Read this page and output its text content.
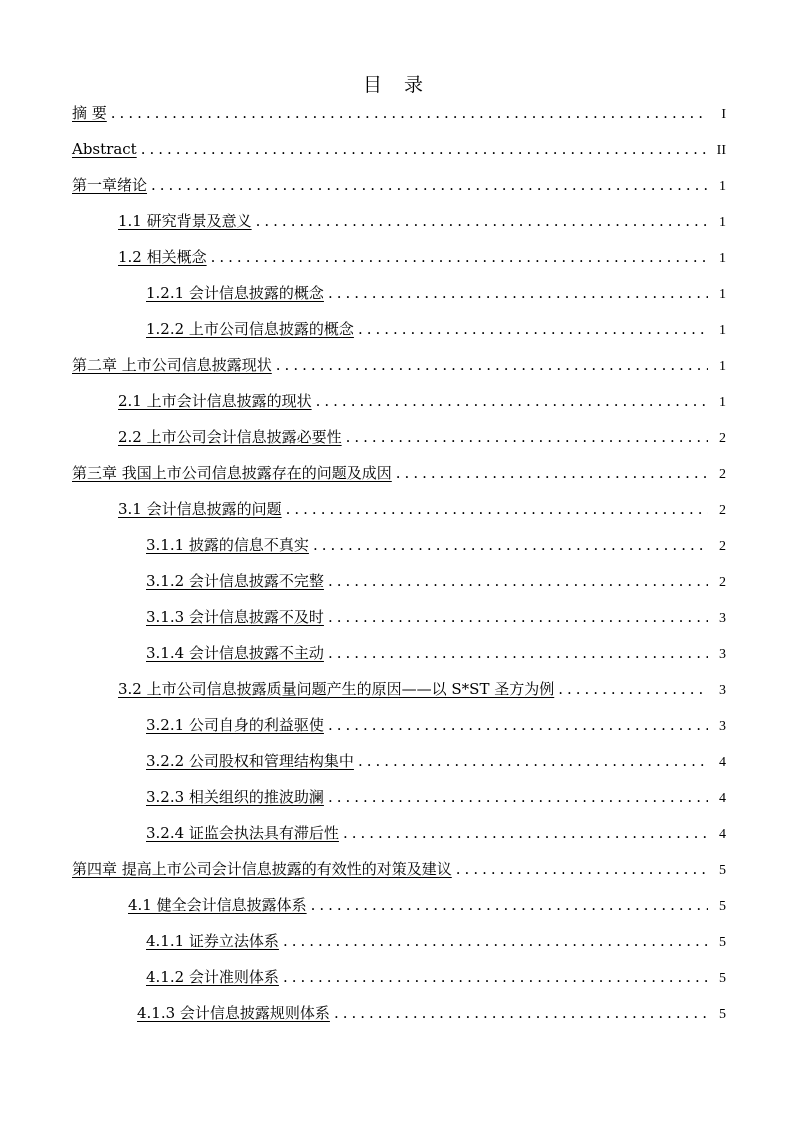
目 录
摘 要 .....	I
Abstract .....	II
第一章绪论 .....	1
1.1 研究背景及意义 .....	1
1.2 相关概念 .....	1
1.2.1 会计信息披露的概念 .....	1
1.2.2 上市公司信息披露的概念 .....	1
第二章 上市公司信息披露现状 .....	1
2.1 上市会计信息披露的现状 .....	1
2.2 上市公司会计信息披露必要性 .....	2
第三章 我国上市公司信息披露存在的问题及成因 .....	2
3.1 会计信息披露的问题 .....	2
3.1.1 披露的信息不真实 .....	2
3.1.2 会计信息披露不完整 .....	2
3.1.3 会计信息披露不及时 .....	3
3.1.4 会计信息披露不主动 .....	3
3.2 上市公司信息披露质量问题产生的原因——以 S*ST 圣方为例 .....	3
3.2.1 公司自身的利益驱使 .....	3
3.2.2 公司股权和管理结构集中 .....	4
3.2.3 相关组织的推波助澜 .....	4
3.2.4 证监会执法具有滞后性 .....	4
第四章 提高上市公司会计信息披露的有效性的对策及建议 .....	5
4.1 健全会计信息披露体系 .....	5
4.1.1 证券立法体系 .....	5
4.1.2 会计准则体系 .....	5
4.1.3 会计信息披露规则体系 .....	5
